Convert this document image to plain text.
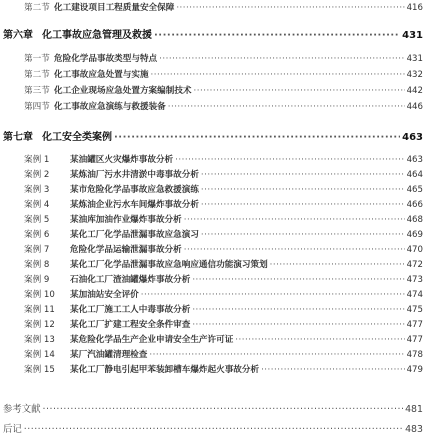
第二节 化工建设项目工程质量安全保障 ·····	416
第六章 化工事故应急管理及救援 ·····	431
第一节 危险化学品事故类型与特点 ·····	431
第二节 化工事故应急处置与实施 ·····	432
第三节 化工企业现场应急处置方案编制技术 ·····	442
第四节 化工事故应急演练与救援装备 ·····	446
第七章 化工安全类案例 ·····	463
案例 1	某油罐区火灾爆炸事故分析 ·····	463
案例 2	某炼油厂污水井清淤中毒事故分析 ·····	464
案例 3	某市危险化学品事故应急救援演练 ·····	465
案例 4	某炼油企业污水车间爆炸事故分析 ·····	466
案例 5	某油库加油作业爆炸事故分析 ·····	468
案例 6	某化工厂化学品泄漏事故应急演习 ·····	469
案例 7	危险化学品运输泄漏事故分析 ·····	470
案例 8	某化工厂化学品泄漏事故应急响应通信功能演习策划 ·····	472
案例 9	石油化工厂渣油罐爆炸事故分析 ·····	473
案例 10	某加油站安全评价 ·····	474
案例 11	某化工厂施工工人中毒事故分析 ·····	475
案例 12	某化工厂扩建工程安全条件审查 ·····	477
案例 13	某危险化学品生产企业申请安全生产许可证 ·····	477
案例 14	某厂汽油罐清理检查 ·····	478
案例 15	某化工厂静电引起甲苯装卸槽车爆炸起火事故分析 ·····	479
参考文献 ·····	481
后记 ·····	483
